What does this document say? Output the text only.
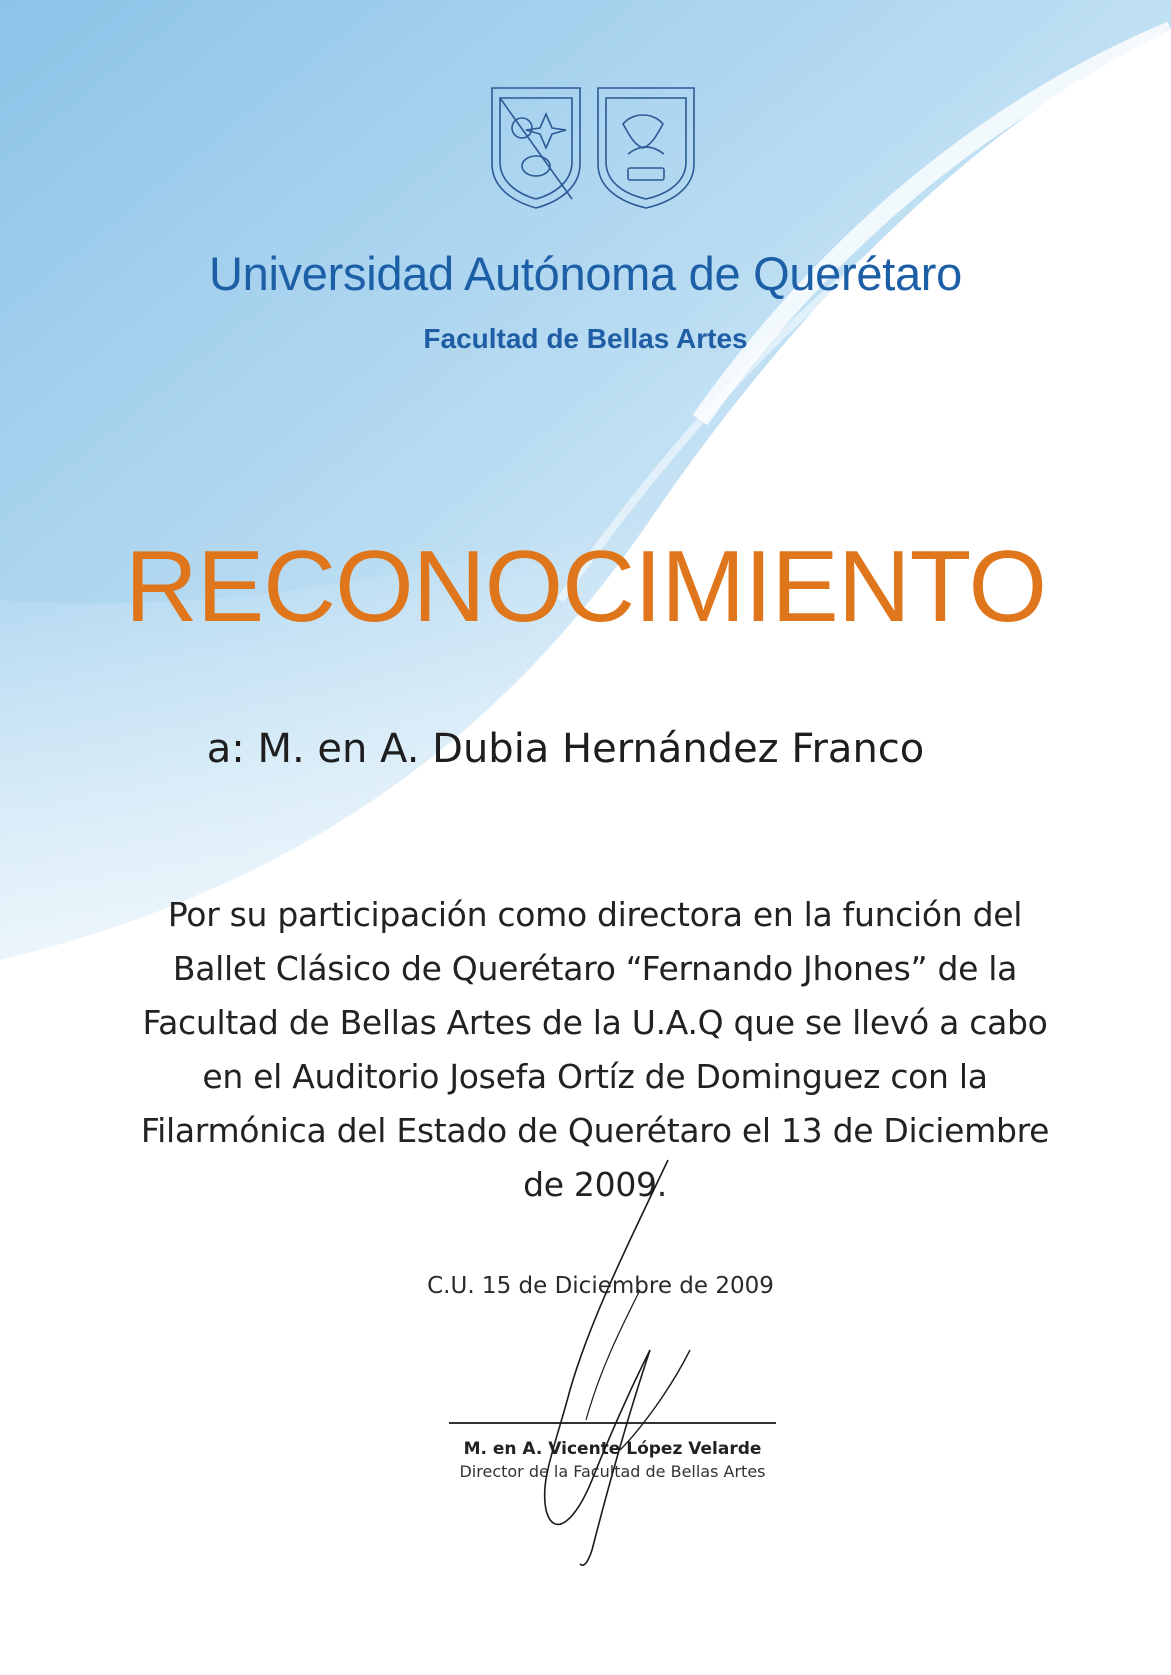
Universidad Autónoma de Querétaro
Facultad de Bellas Artes
RECONOCIMIENTO
a: M. en A. Dubia Hernández Franco
Por su participación como directora en la función del
Ballet Clásico de Querétaro “Fernando Jhones” de la
Facultad de Bellas Artes de la U.A.Q que se llevó a cabo
en el Auditorio Josefa Ortíz de Dominguez con la
Filarmónica del Estado de Querétaro el 13 de Diciembre
de 2009.
C.U. 15 de Diciembre de 2009
M. en A. Vicente López Velarde
Director de la Facultad de Bellas Artes
